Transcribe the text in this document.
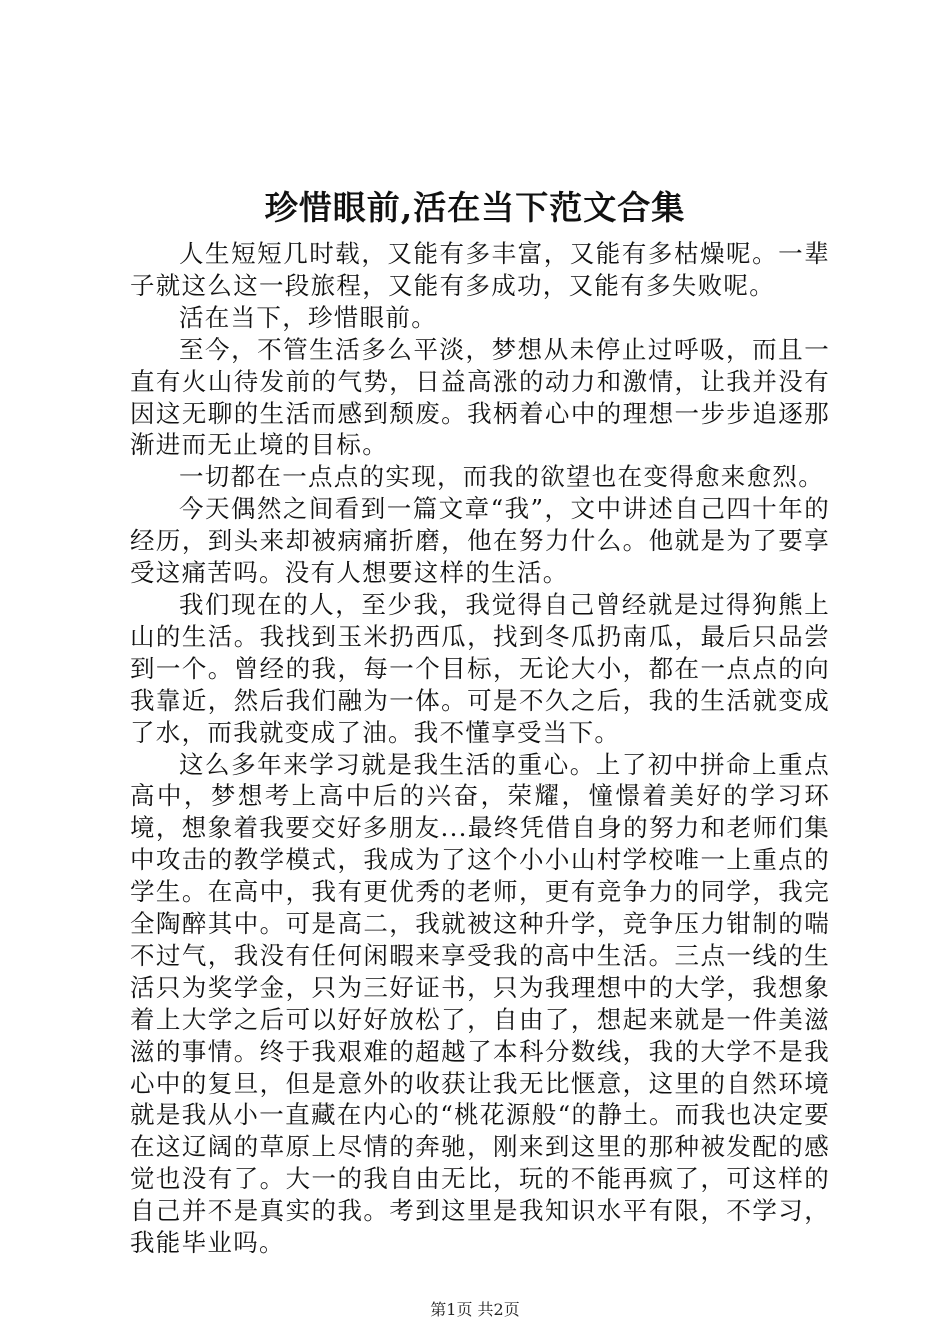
珍惜眼前,活在当下范文合集

人生短短几时载，又能有多丰富，又能有多枯燥呢。一辈子就这么这一段旅程，又能有多成功，又能有多失败呢。

活在当下，珍惜眼前。

至今，不管生活多么平淡，梦想从未停止过呼吸，而且一直有火山待发前的气势，日益高涨的动力和激情，让我并没有因这无聊的生活而感到颓废。我柄着心中的理想一步步追逐那渐进而无止境的目标。

一切都在一点点的实现，而我的欲望也在变得愈来愈烈。

今天偶然之间看到一篇文章“我”，文中讲述自己四十年的经历，到头来却被病痛折磨，他在努力什么。他就是为了要享受这痛苦吗。没有人想要这样的生活。

我们现在的人，至少我，我觉得自己曾经就是过得狗熊上山的生活。我找到玉米扔西瓜，找到冬瓜扔南瓜，最后只品尝到一个。曾经的我，每一个目标，无论大小，都在一点点的向我靠近，然后我们融为一体。可是不久之后，我的生活就变成了水，而我就变成了油。我不懂享受当下。

这么多年来学习就是我生活的重心。上了初中拼命上重点高中，梦想考上高中后的兴奋，荣耀，憧憬着美好的学习环境，想象着我要交好多朋友...最终凭借自身的努力和老师们集中攻击的教学模式，我成为了这个小小山村学校唯一上重点的学生。在高中，我有更优秀的老师，更有竞争力的同学，我完全陶醉其中。可是高二，我就被这种升学，竞争压力钳制的喘不过气，我没有任何闲暇来享受我的高中生活。三点一线的生活只为奖学金，只为三好证书，只为我理想中的大学，我想象着上大学之后可以好好放松了，自由了，想起来就是一件美滋滋的事情。终于我艰难的超越了本科分数线，我的大学不是我心中的复旦，但是意外的收获让我无比惬意，这里的自然环境就是我从小一直藏在内心的“桃花源般“的静土。而我也决定要在这辽阔的草原上尽情的奔驰，刚来到这里的那种被发配的感觉也没有了。大一的我自由无比，玩的不能再疯了，可这样的自己并不是真实的我。考到这里是我知识水平有限，不学习，我能毕业吗。

第1页 共2页
